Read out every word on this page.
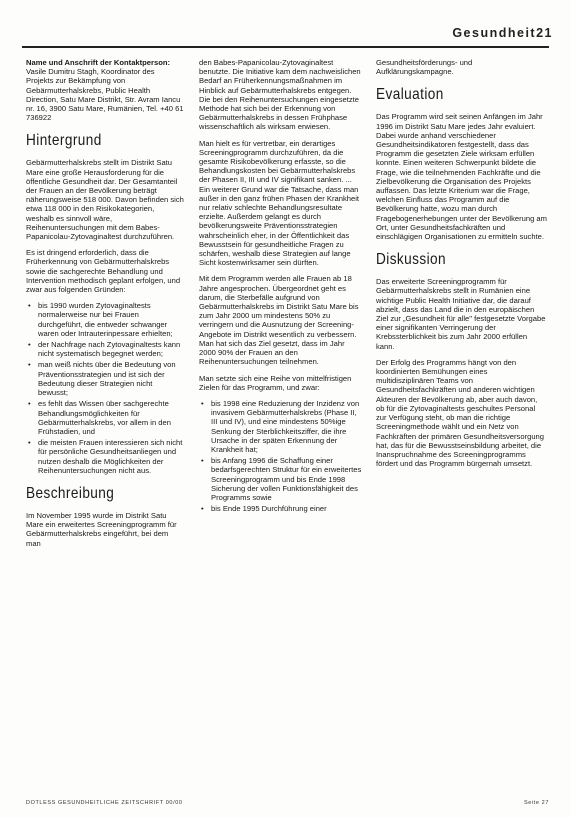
Gesundheit21

Name und Anschrift der Kontaktperson: Vasile Dumitru Stagh, Koordinator des Projekts zur Bekämpfung von Gebärmutterhalskrebs, Public Health Direction, Satu Mare Distrikt, Str. Avram Iancu nr. 16, 3900 Satu Mare, Rumänien, Tel. +40 61 736922

Hintergrund

Gebärmutterhalskrebs stellt im Distrikt Satu Mare eine große Herausforderung für die öffentliche Gesundheit dar. Der Gesamtanteil der Frauen an der Bevölkerung beträgt näherungsweise 518 000. Davon befinden sich etwa 118 000 in den Risikokategorien, weshalb es sinnvoll wäre, Reihenuntersuchungen mit dem Babes-Papanicolau-Zytovaginaltest durchzuführen.

Es ist dringend erforderlich, dass die Früherkennung von Gebärmutterhalskrebs sowie die sachgerechte Behandlung und Intervention methodisch geplant erfolgen, und zwar aus folgenden Gründen:

• bis 1990 wurden Zytovaginaltests normalerweise nur bei Frauen durchgeführt, die entweder schwanger waren oder Intrauterinpessare erhielten;
• der Nachfrage nach Zytovaginaltests kann nicht systematisch begegnet werden;
• man weiß nichts über die Bedeutung von Präventionsstrategien und ist sich der Bedeutung dieser Strategien nicht bewusst;
• es fehlt das Wissen über sachgerechte Behandlungsmöglichkeiten für Gebärmutterhalskrebs, vor allem in den Frühstadien, und
• die meisten Frauen interessieren sich nicht für persönliche Gesundheitsanliegen und nutzen deshalb die Möglichkeiten der Reihenuntersuchungen nicht aus.
Beschreibung

Im November 1995 wurde im Distrikt Satu Mare ein erweitertes Screeningprogramm für Gebärmutterhalskrebs eingeführt, bei dem man

den Babes-Papanicolau-Zytovaginaltest benutzte. Die Initiative kam dem nachweislichen Bedarf an Früherkennungsmaßnahmen im Hinblick auf Gebärmutterhalskrebs entgegen. Die bei den Reihenuntersuchungen eingesetzte Methode hat sich bei der Erkennung von Gebärmutterhalskrebs in dessen Frühphase wissenschaftlich als wirksam erwiesen.

Man hielt es für vertretbar, ein derartiges Screeningprogramm durchzuführen, da die gesamte Risikobevölkerung erfasste, so die Behandlungskosten bei Gebärmutterhalskrebs der Phasen II, III und IV signifikant sanken. ... Ein weiterer Grund war die Tatsache, dass man außer in den ganz frühen Phasen der Krankheit nur relativ schlechte Behandlungsresultate erzielte. Außerdem gelangt es durch bevölkerungsweite Präventionsstrategien wahrscheinlich eher, in der Öffentlichkeit das Bewusstsein für gesundheitliche Fragen zu schärfen, weshalb diese Strategien auf lange Sicht kostenwirksamer sein dürften.

Mit dem Programm werden alle Frauen ab 18 Jahre angesprochen. Übergeordnet geht es darum, die Sterbefälle aufgrund von Gebärmutterhalskrebs im Distrikt Satu Mare bis zum Jahr 2000 um mindestens 50% zu verringern und die Ausnutzung der Screening-Angebote im Distrikt wesentlich zu verbessern. Man hat sich das Ziel gesetzt, dass im Jahr 2000 90% der Frauen an den Reihenuntersuchungen teilnehmen.

Man setzte sich eine Reihe von mittelfristigen Zielen für das Programm, und zwar:

• bis 1998 eine Reduzierung der Inzidenz von invasivem Gebärmutterhalskrebs (Phase II, III und IV), und eine mindestens 50%ige Senkung der Sterblichkeitsziffer, die ihre Ursache in der späten Erkennung der Krankheit hat;
• bis Anfang 1996 die Schaffung einer bedarfsgerechten Struktur für ein erweitertes Screeningprogramm und bis Ende 1998 Sicherung der vollen Funktionsfähigkeit des Programms sowie
• bis Ende 1995 Durchführung einer

Gesundheitsförderungs- und Aufklärungskampagne.

Evaluation

Das Programm wird seit seinen Anfängen im Jahr 1996 im Distrikt Satu Mare jedes Jahr evaluiert. Dabei wurde anhand verschiedener Gesundheitsindikatoren festgestellt, dass das Programm die gesetzten Ziele wirksam erfüllen konnte. Einen weiteren Schwerpunkt bildete die Frage, wie die teilnehmenden Fachkräfte und die Zielbevölkerung die Organisation des Projekts auffassen. Das letzte Kriterium war die Frage, welchen Einfluss das Programm auf die Bevölkerung hatte, wozu man durch Fragebogenerhebungen unter der Bevölkerung am Ort, unter Gesundheitsfachkräften und einschlägigen Organisationen zu ermitteln suchte.

Diskussion

Das erweiterte Screeningprogramm für Gebärmutterhalskrebs stellt in Rumänien eine wichtige Public Health Initiative dar, die darauf abzielt, dass das Land die in den europäischen Ziel zur „Gesundheit für alle" festgesetzte Vorgabe einer signifikanten Verringerung der Krebssterblichkeit bis zum Jahr 2000 erfüllen kann.

Der Erfolg des Programms hängt von den koordinierten Bemühungen eines multidisziplinären Teams von Gesundheitsfachkräften und anderen wichtigen Akteuren der Bevölkerung ab, aber auch davon, ob für die Zytovaginaltests geschultes Personal zur Verfügung steht, ob man die richtige Screeningmethode wählt und ein Netz von Fachkräften der primären Gesundheitsversorgung hat, das für die Bewusstseinsbildung arbeitet, die Inanspruchnahme des Screeningprogramms fördert und das Programm bürgernah umsetzt.

DOTLESS GESUNDHEITLICHE ZEITSCHRIFT 00/00	Seite 27
